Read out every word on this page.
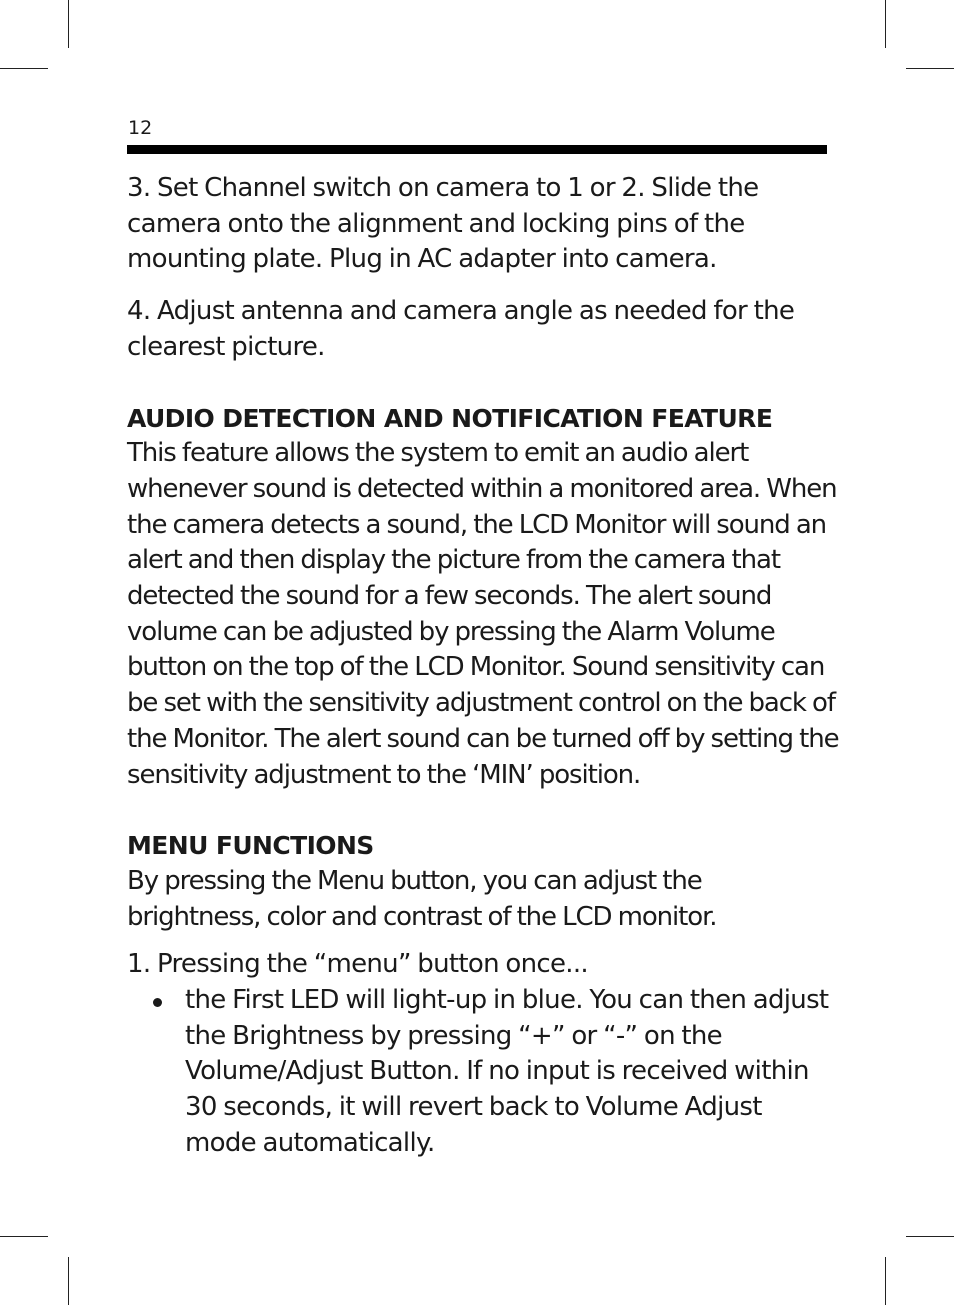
12

3. Set Channel switch on camera to 1 or 2. Slide the camera onto the alignment and locking pins of the mounting plate. Plug in AC adapter into camera.

4. Adjust antenna and camera angle as needed for the clearest picture.

AUDIO DETECTION AND NOTIFICATION FEATURE

This feature allows the system to emit an audio alert whenever sound is detected within a monitored area. When the camera detects a sound, the LCD Monitor will sound an alert and then display the picture from the camera that detected the sound for a few seconds. The alert sound volume can be adjusted by pressing the Alarm Volume button on the top of the LCD Monitor. Sound sensitivity can be set with the sensitivity adjustment control on the back of the Monitor. The alert sound can be turned off by setting the sensitivity adjustment to the ‘MIN’ position.

MENU FUNCTIONS

By pressing the Menu button, you can adjust the brightness, color and contrast of the LCD monitor.

1. Pressing the “menu” button once...

the First LED will light-up in blue. You can then adjust the Brightness by pressing “+” or “-” on the Volume/Adjust Button. If no input is received within 30 seconds, it will revert back to Volume Adjust mode automatically.
